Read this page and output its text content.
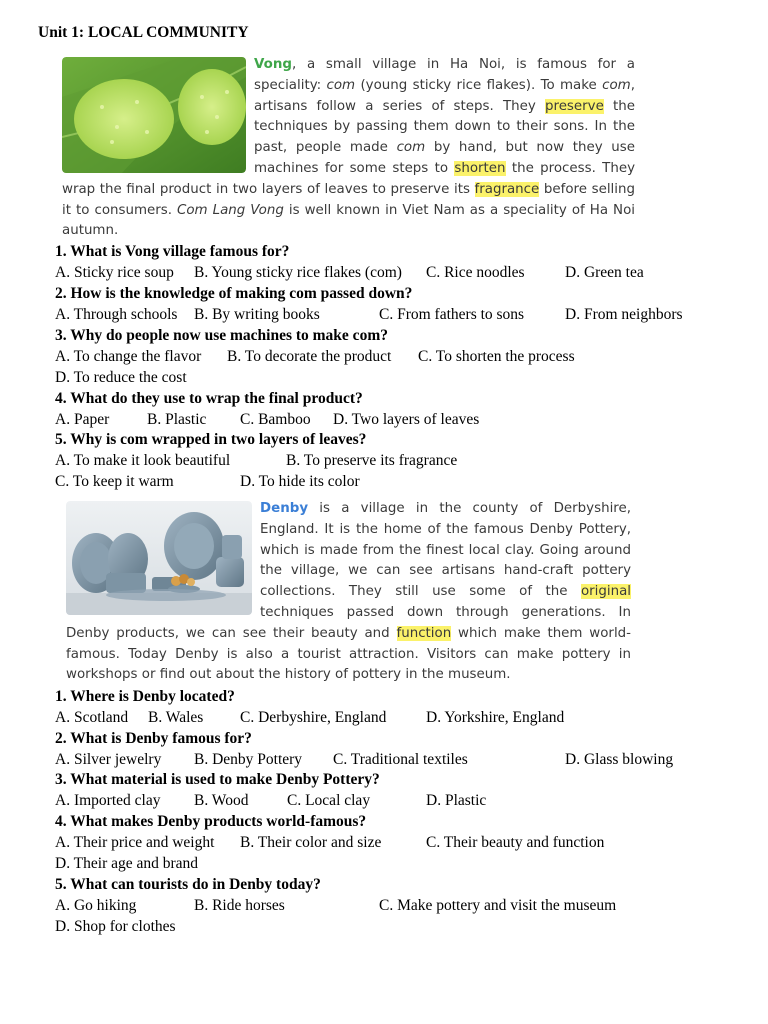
Unit 1: LOCAL COMMUNITY
Vong, a small village in Ha Noi, is famous for a speciality: com (young sticky rice flakes). To make com, artisans follow a series of steps. They preserve the techniques by passing them down to their sons. In the past, people made com by hand, but now they use machines for some steps to shorten the process. They wrap the final product in two layers of leaves to preserve its fragrance before selling it to consumers. Com Lang Vong is well known in Viet Nam as a speciality of Ha Noi autumn.
1. What is Vong village famous for?
A. Sticky rice soup B. Young sticky rice flakes (com) C. Rice noodles	D. Green tea
2. How is the knowledge of making com passed down?
A. Through schools B. By writing books	C. From fathers to sons	D. From neighbors
3. Why do people now use machines to make com?
A. To change the flavor B. To decorate the product C. To shorten the process
D. To reduce the cost
4. What do they use to wrap the final product?
A. Paper B. Plastic C. Bamboo D. Two layers of leaves
5. Why is com wrapped in two layers of leaves?
A. To make it look beautiful	B. To preserve its fragrance
C. To keep it warm	D. To hide its color
Denby is a village in the county of Derbyshire, England. It is the home of the famous Denby Pottery, which is made from the finest local clay. Going around the village, we can see artisans hand-craft pottery collections. They still use some of the original techniques passed down through generations. In Denby products, we can see their beauty and function which make them world-famous. Today Denby is also a tourist attraction. Visitors can make pottery in workshops or find out about the history of pottery in the museum.
1. Where is Denby located?
A. Scotland B. Wales C. Derbyshire, England	D. Yorkshire, England
2. What is Denby famous for?
A. Silver jewelry B. Denby Pottery C. Traditional textiles	D. Glass blowing
3. What material is used to make Denby Pottery?
A. Imported clay B. Wood C. Local clay	D. Plastic
4. What makes Denby products world-famous?
A. Their price and weight B. Their color and size	C. Their beauty and function
D. Their age and brand
5. What can tourists do in Denby today?
A. Go hiking	B. Ride horses	C. Make pottery and visit the museum
D. Shop for clothes
